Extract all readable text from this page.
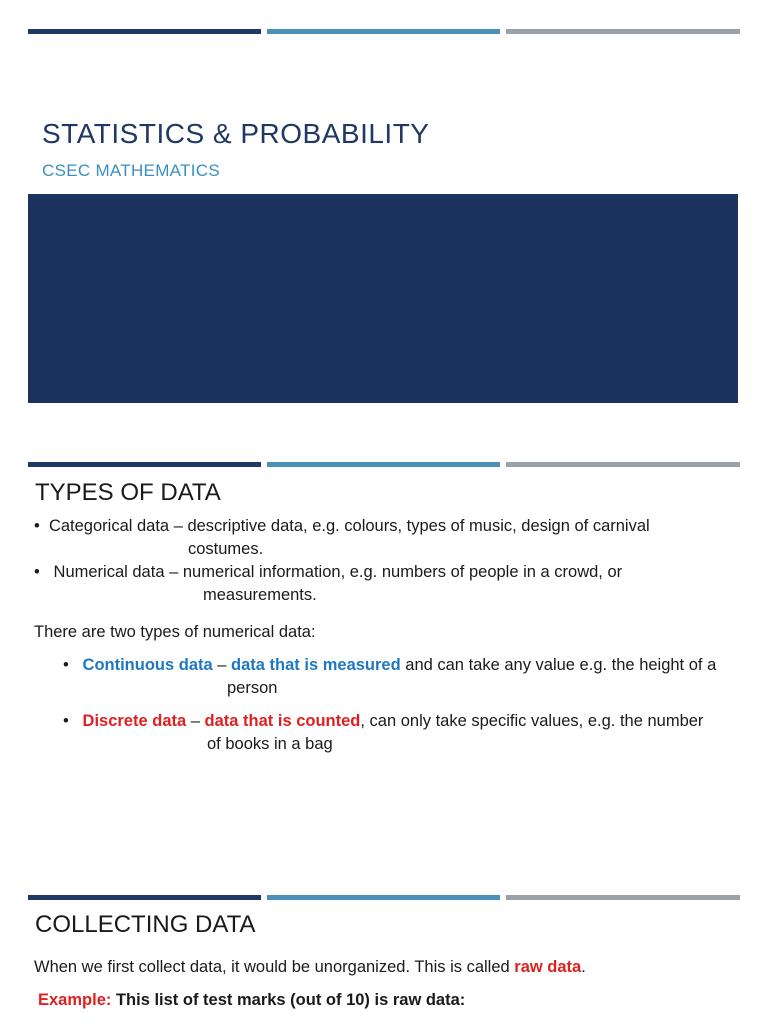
STATISTICS & PROBABILITY
CSEC MATHEMATICS
TYPES OF DATA
•  Categorical data – descriptive data, e.g. colours, types of music, design of carnival
costumes.
•   Numerical data – numerical information, e.g. numbers of people in a crowd, or
measurements.
There are two types of numerical data:
•   Continuous data – data that is measured and can take any value e.g. the height of a
person
•   Discrete data – data that is counted, can only take specific values, e.g. the number
of books in a bag
COLLECTING DATA
When we first collect data, it would be unorganized. This is called raw data.
Example: This list of test marks (out of 10) is raw data:
